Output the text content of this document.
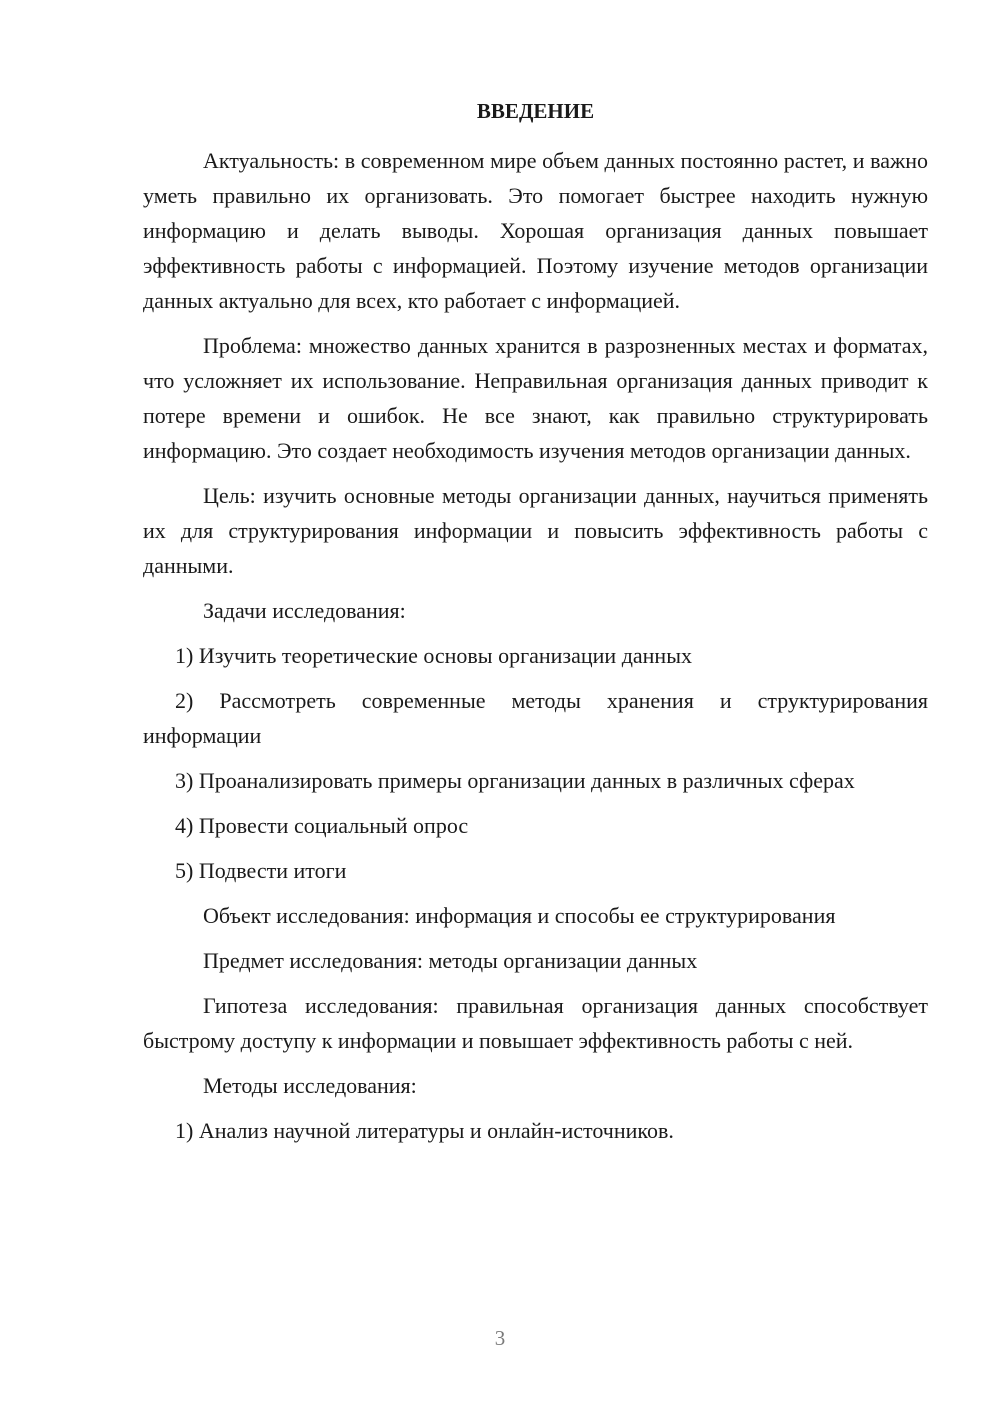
ВВЕДЕНИЕ

Актуальность: в современном мире объем данных постоянно растет, и важно уметь правильно их организовать. Это помогает быстрее находить нужную информацию и делать выводы. Хорошая организация данных повышает эффективность работы с информацией. Поэтому изучение методов организации данных актуально для всех, кто работает с информацией.

Проблема: множество данных хранится в разрозненных местах и форматах, что усложняет их использование. Неправильная организация данных приводит к потере времени и ошибок. Не все знают, как правильно структурировать информацию. Это создает необходимость изучения методов организации данных.

Цель: изучить основные методы организации данных, научиться применять их для структурирования информации и повысить эффективность работы с данными.

Задачи исследования:

1) Изучить теоретические основы организации данных

2) Рассмотреть современные методы хранения и структурирования информации

3) Проанализировать примеры организации данных в различных сферах

4) Провести социальный опрос

5) Подвести итоги

Объект исследования: информация и способы ее структурирования

Предмет исследования: методы организации данных

Гипотеза исследования: правильная организация данных способствует быстрому доступу к информации и повышает эффективность работы с ней.

Методы исследования:

1) Анализ научной литературы и онлайн-источников.

3
